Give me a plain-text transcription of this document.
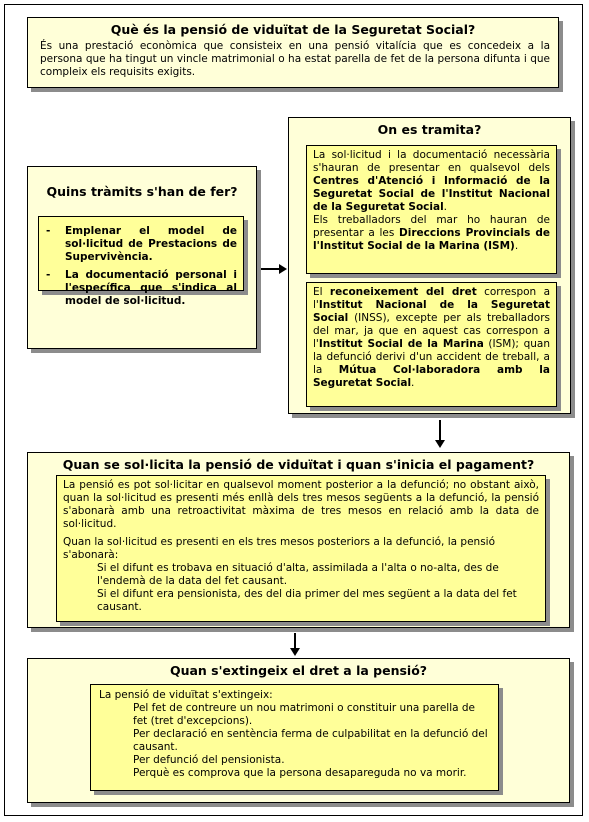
Què és la pensió de viduïtat de la Seguretat Social?
És una prestació econòmica que consisteix en una pensió vitalícia que es concedeix a la persona que ha tingut un vincle matrimonial o ha estat parella de fet de la persona difunta i que compleix els requisits exigits.
Quins tràmits s'han de fer?
- Emplenar el model de sol·licitud de Prestacions de Supervivència.
- La documentació personal i l'específica que s'indica al model de sol·licitud.
On es tramita?
La sol·licitud i la documentació necessària s'hauran de presentar en qualsevol dels Centres d'Atenció i Informació de la Seguretat Social de l'Institut Nacional de la Seguretat Social.
Els treballadors del mar ho hauran de presentar a les Direccions Provincials de l'Institut Social de la Marina (ISM).
El reconeixement del dret correspon a l'Institut Nacional de la Seguretat Social (INSS), excepte per als treballadors del mar, ja que en aquest cas correspon a l'Institut Social de la Marina (ISM); quan la defunció derivi d'un accident de treball, a la Mútua Col·laboradora amb la Seguretat Social.
Quan se sol·licita la pensió de viduïtat i quan s'inicia el pagament?
La pensió es pot sol·licitar en qualsevol moment posterior a la defunció; no obstant això, quan la sol·licitud es presenti més enllà dels tres mesos següents a la defunció, la pensió s'abonarà amb una retroactivitat màxima de tres mesos en relació amb la data de sol·licitud.
Quan la sol·licitud es presenti en els tres mesos posteriors a la defunció, la pensió s'abonarà:
Si el difunt es trobava en situació d'alta, assimilada a l'alta o no-alta, des de l'endemà de la data del fet causant.
Si el difunt era pensionista, des del dia primer del mes següent a la data del fet causant.
Quan s'extingeix el dret a la pensió?
La pensió de viduïtat s'extingeix:
Pel fet de contreure un nou matrimoni o constituir una parella de fet (tret d'excepcions).
Per declaració en sentència ferma de culpabilitat en la defunció del causant.
Per defunció del pensionista.
Perquè es comprova que la persona desapareguda no va morir.
